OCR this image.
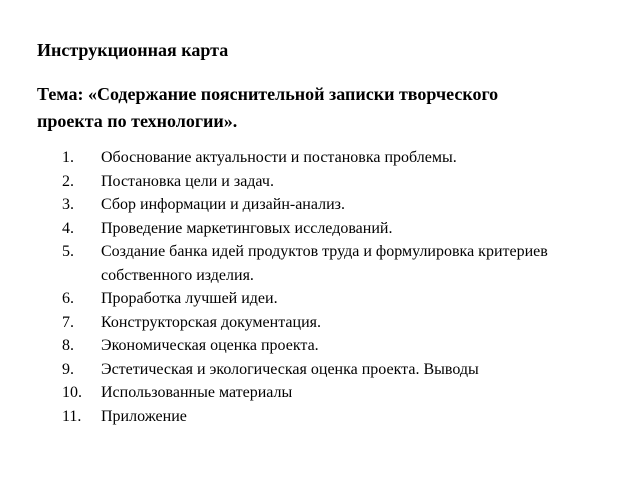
Инструкционная карта

Тема: «Содержание пояснительной записки творческого
проекта по технологии».

1.	Обоснование актуальности и постановка проблемы.
2.	Постановка цели и задач.
3.	Сбор информации и дизайн-анализ.
4.	Проведение маркетинговых исследований.
5.	Создание банка идей продуктов труда и формулировка критериев
собственного изделия.
6.	Проработка лучшей идеи.
7.	Конструкторская документация.
8.	Экономическая оценка проекта.
9.	Эстетическая и экологическая оценка проекта. Выводы
10.	Использованные материалы
11.	Приложение
